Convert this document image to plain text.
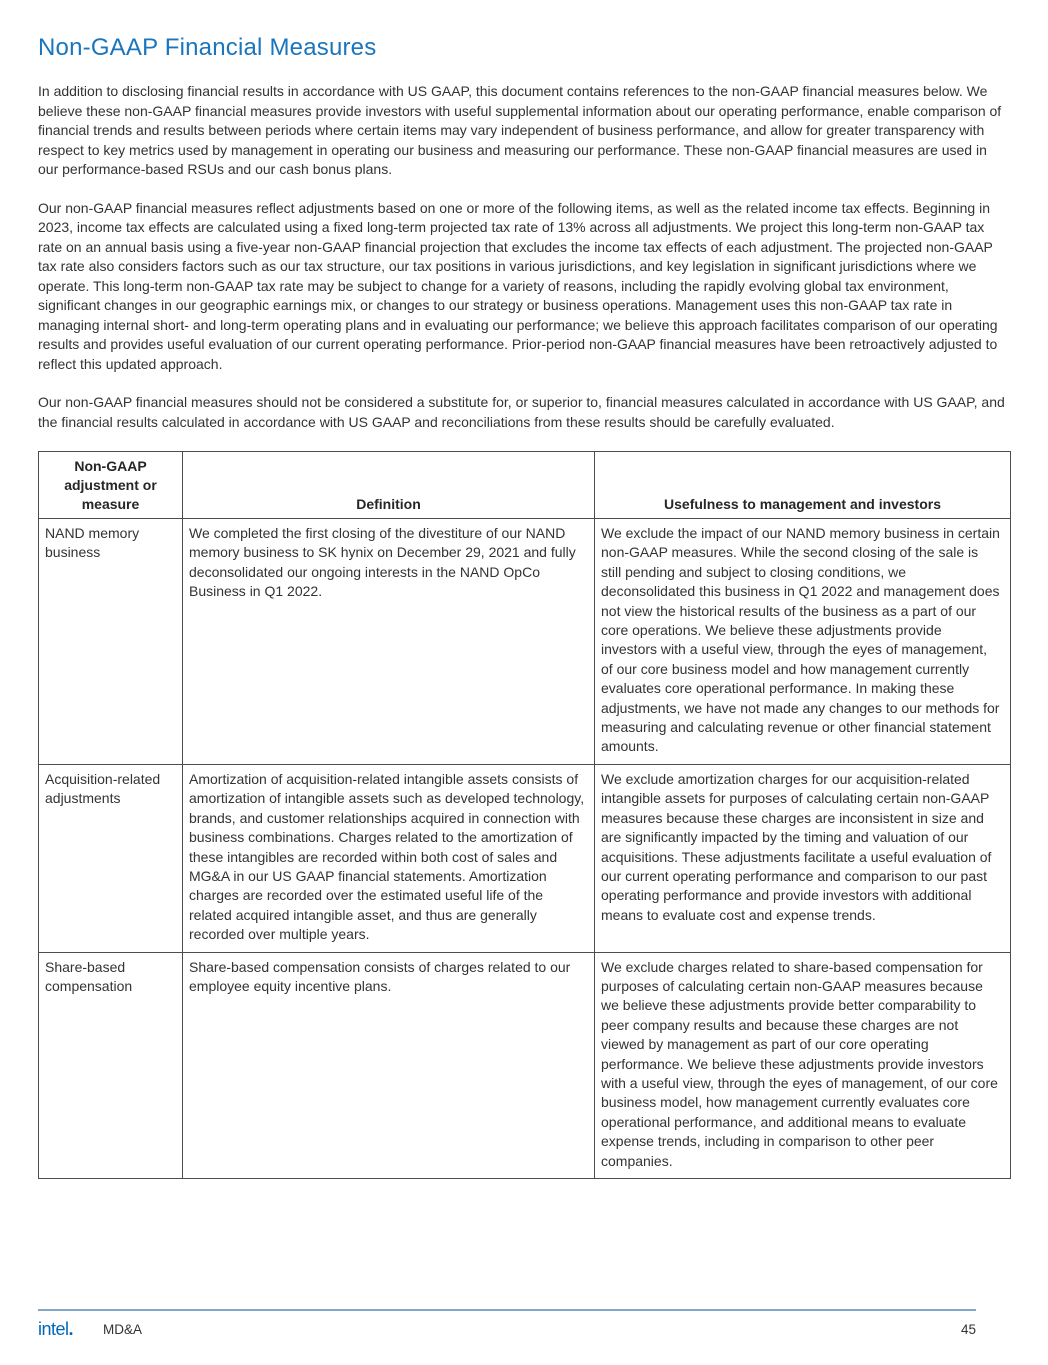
Non-GAAP Financial Measures

In addition to disclosing financial results in accordance with US GAAP, this document contains references to the non-GAAP financial measures below. We believe these non-GAAP financial measures provide investors with useful supplemental information about our operating performance, enable comparison of financial trends and results between periods where certain items may vary independent of business performance, and allow for greater transparency with respect to key metrics used by management in operating our business and measuring our performance. These non-GAAP financial measures are used in our performance-based RSUs and our cash bonus plans.

Our non-GAAP financial measures reflect adjustments based on one or more of the following items, as well as the related income tax effects. Beginning in 2023, income tax effects are calculated using a fixed long-term projected tax rate of 13% across all adjustments. We project this long-term non-GAAP tax rate on an annual basis using a five-year non-GAAP financial projection that excludes the income tax effects of each adjustment. The projected non-GAAP tax rate also considers factors such as our tax structure, our tax positions in various jurisdictions, and key legislation in significant jurisdictions where we operate. This long-term non-GAAP tax rate may be subject to change for a variety of reasons, including the rapidly evolving global tax environment, significant changes in our geographic earnings mix, or changes to our strategy or business operations. Management uses this non-GAAP tax rate in managing internal short- and long-term operating plans and in evaluating our performance; we believe this approach facilitates comparison of our operating results and provides useful evaluation of our current operating performance. Prior-period non-GAAP financial measures have been retroactively adjusted to reflect this updated approach.

Our non-GAAP financial measures should not be considered a substitute for, or superior to, financial measures calculated in accordance with US GAAP, and the financial results calculated in accordance with US GAAP and reconciliations from these results should be carefully evaluated.

Non-GAAP adjustment or measure	Definition	Usefulness to management and investors
NAND memory business	We completed the first closing of the divestiture of our NAND memory business to SK hynix on December 29, 2021 and fully deconsolidated our ongoing interests in the NAND OpCo Business in Q1 2022.	We exclude the impact of our NAND memory business in certain non-GAAP measures. While the second closing of the sale is still pending and subject to closing conditions, we deconsolidated this business in Q1 2022 and management does not view the historical results of the business as a part of our core operations. We believe these adjustments provide investors with a useful view, through the eyes of management, of our core business model and how management currently evaluates core operational performance. In making these adjustments, we have not made any changes to our methods for measuring and calculating revenue or other financial statement amounts.
Acquisition-related adjustments	Amortization of acquisition-related intangible assets consists of amortization of intangible assets such as developed technology, brands, and customer relationships acquired in connection with business combinations. Charges related to the amortization of these intangibles are recorded within both cost of sales and MG&A in our US GAAP financial statements. Amortization charges are recorded over the estimated useful life of the related acquired intangible asset, and thus are generally recorded over multiple years.	We exclude amortization charges for our acquisition-related intangible assets for purposes of calculating certain non-GAAP measures because these charges are inconsistent in size and are significantly impacted by the timing and valuation of our acquisitions. These adjustments facilitate a useful evaluation of our current operating performance and comparison to our past operating performance and provide investors with additional means to evaluate cost and expense trends.
Share-based compensation	Share-based compensation consists of charges related to our employee equity incentive plans.	We exclude charges related to share-based compensation for purposes of calculating certain non-GAAP measures because we believe these adjustments provide better comparability to peer company results and because these charges are not viewed by management as part of our core operating performance. We believe these adjustments provide investors with a useful view, through the eyes of management, of our core business model, how management currently evaluates core operational performance, and additional means to evaluate expense trends, including in comparison to other peer companies.
intel. MD&A	45
